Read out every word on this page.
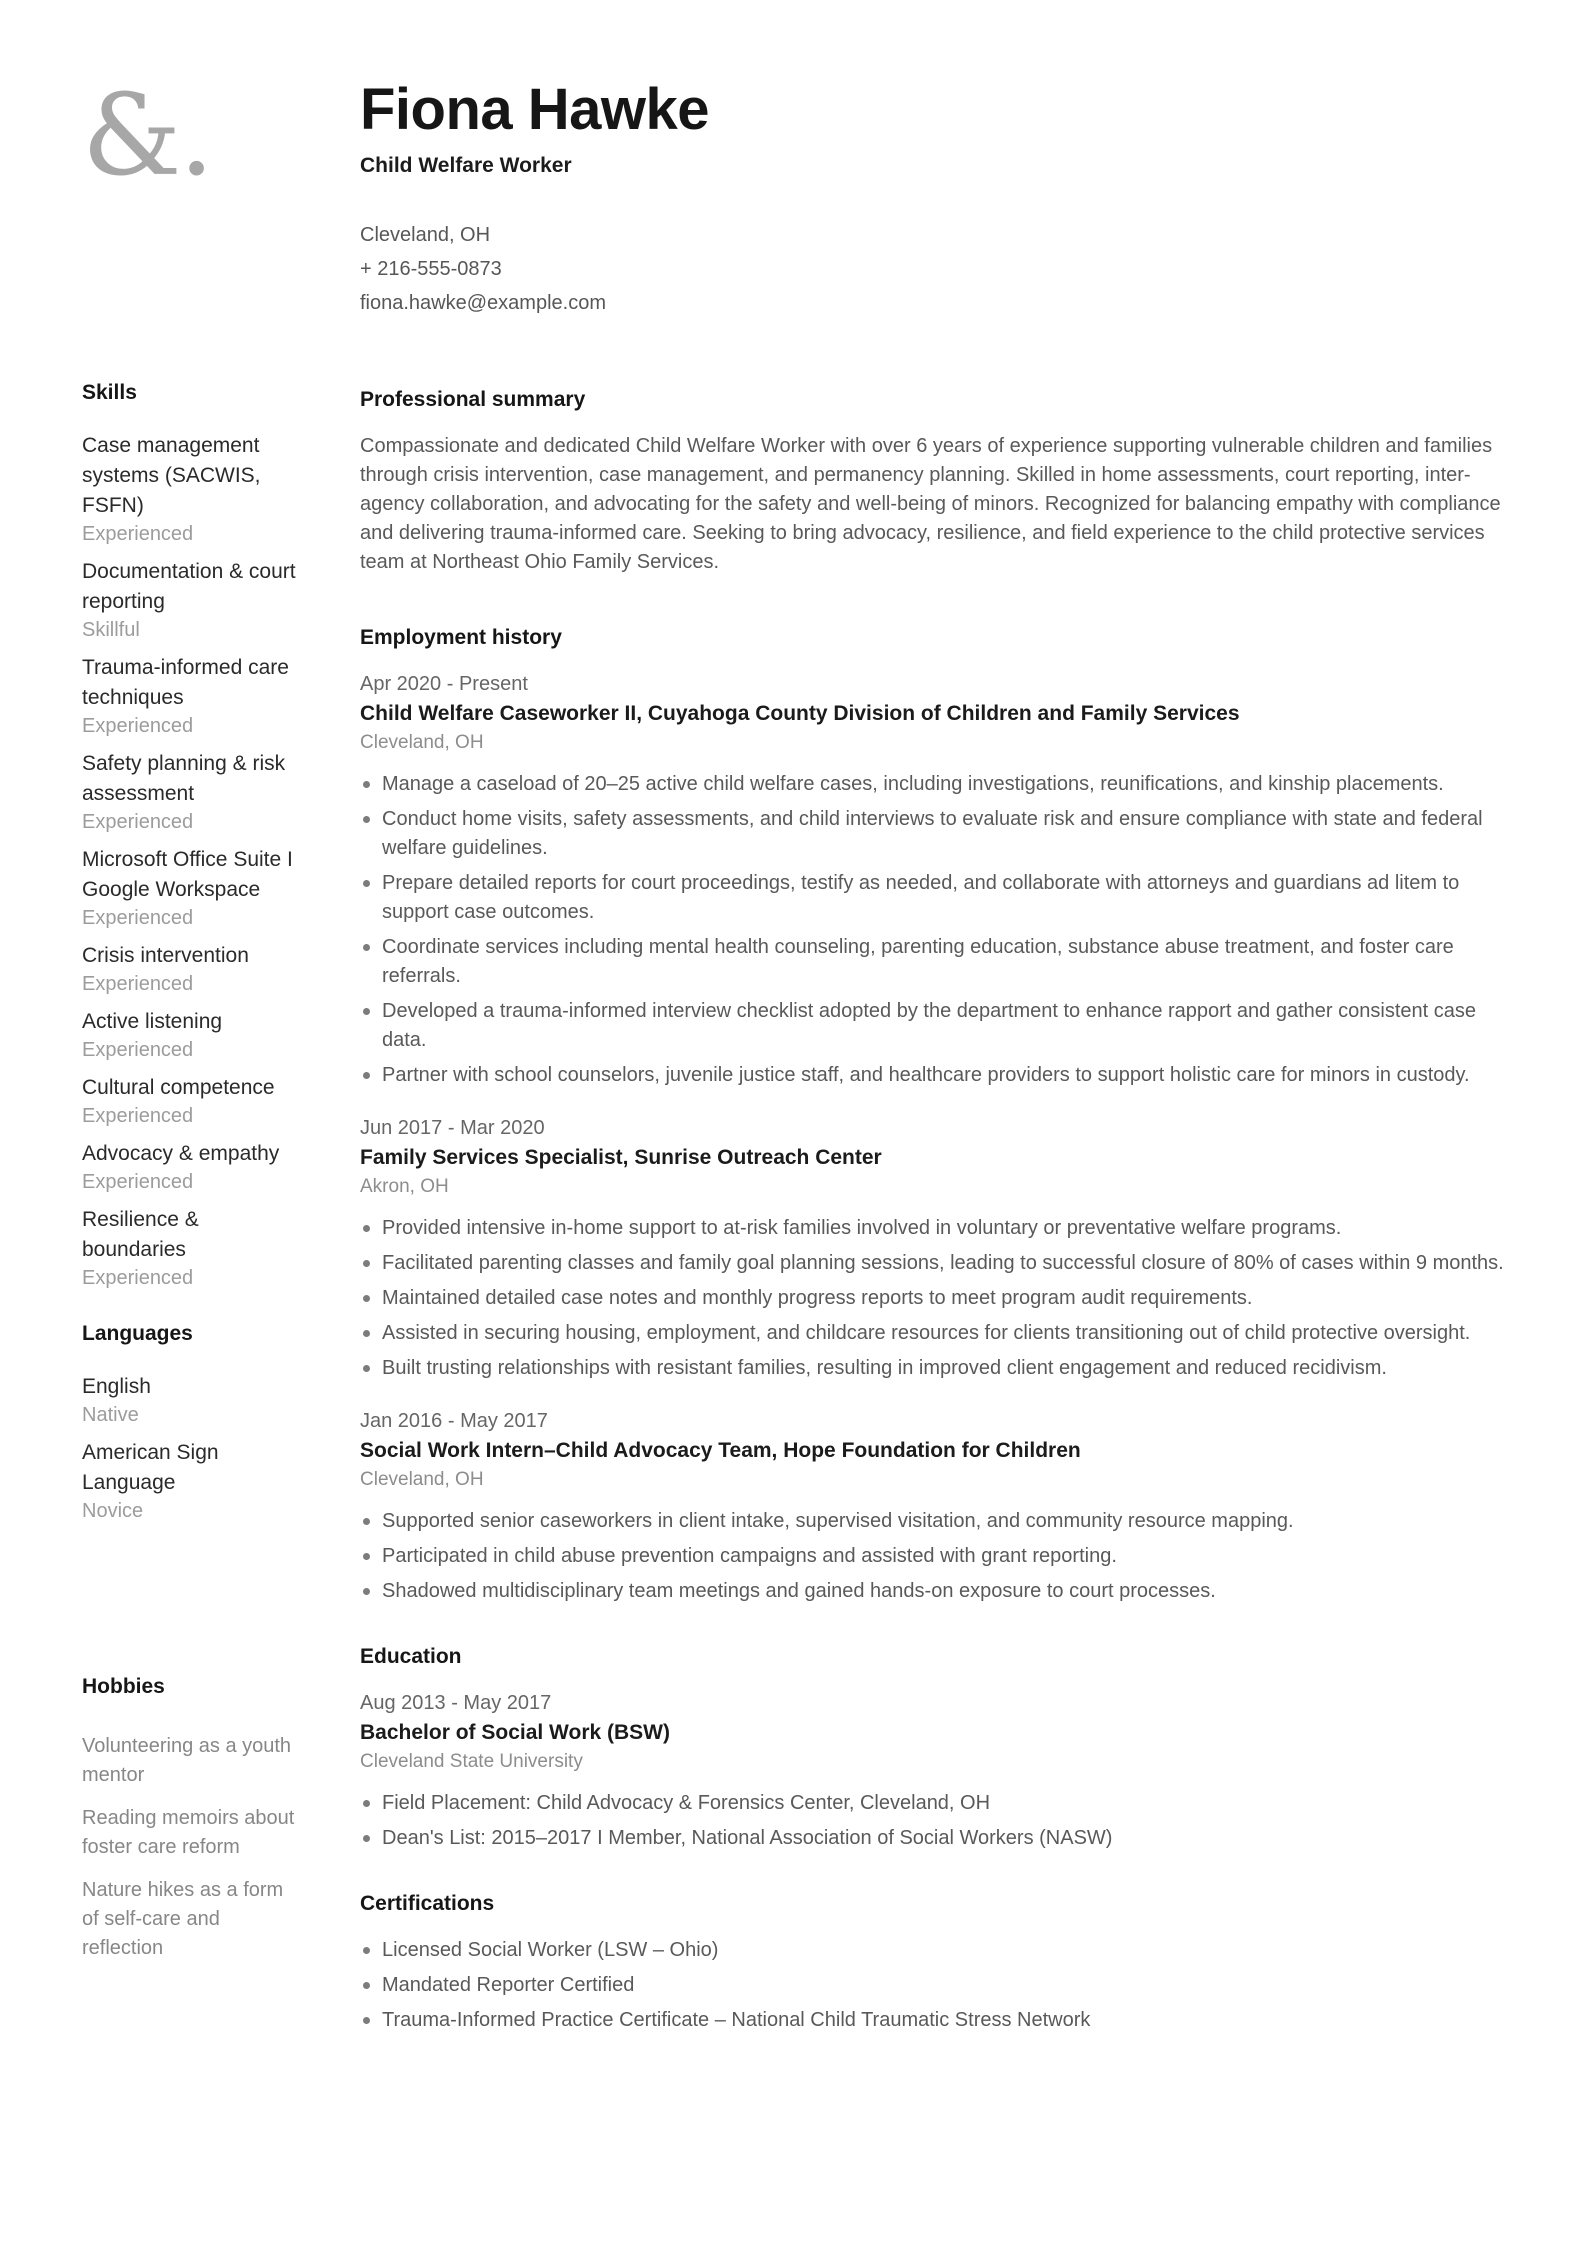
&.	Fiona Hawke
Child Welfare Worker
Cleveland, OH
+ 216-555-0873
fiona.hawke@example.com
Skills
Case management systems (SACWIS, FSFN)
Experienced
Documentation & court reporting
Skillful
Trauma-informed care techniques
Experienced
Safety planning & risk assessment
Experienced
Microsoft Office Suite I Google Workspace
Experienced
Crisis intervention
Experienced
Active listening
Experienced
Cultural competence
Experienced
Advocacy & empathy
Experienced
Resilience & boundaries
Experienced
Languages
English
Native
American Sign Language
Novice
Hobbies
Volunteering as a youth mentor
Reading memoirs about foster care reform
Nature hikes as a form of self-care and reflection
Professional summary

Compassionate and dedicated Child Welfare Worker with over 6 years of experience supporting vulnerable children and families through crisis intervention, case management, and permanency planning. Skilled in home assessments, court reporting, inter-agency collaboration, and advocating for the safety and well-being of minors. Recognized for balancing empathy with compliance and delivering trauma-informed care. Seeking to bring advocacy, resilience, and field experience to the child protective services team at Northeast Ohio Family Services.

Employment history
Apr 2020 - Present
Child Welfare Caseworker II, Cuyahoga County Division of Children and Family Services
Cleveland, OH
Manage a caseload of 20–25 active child welfare cases, including investigations, reunifications, and kinship placements.
Conduct home visits, safety assessments, and child interviews to evaluate risk and ensure compliance with state and federal welfare guidelines.
Prepare detailed reports for court proceedings, testify as needed, and collaborate with attorneys and guardians ad litem to support case outcomes.
Coordinate services including mental health counseling, parenting education, substance abuse treatment, and foster care referrals.
Developed a trauma-informed interview checklist adopted by the department to enhance rapport and gather consistent case data.
Partner with school counselors, juvenile justice staff, and healthcare providers to support holistic care for minors in custody.
Jun 2017 - Mar 2020
Family Services Specialist, Sunrise Outreach Center
Akron, OH
Provided intensive in-home support to at-risk families involved in voluntary or preventative welfare programs.
Facilitated parenting classes and family goal planning sessions, leading to successful closure of 80% of cases within 9 months.
Maintained detailed case notes and monthly progress reports to meet program audit requirements.
Assisted in securing housing, employment, and childcare resources for clients transitioning out of child protective oversight.
Built trusting relationships with resistant families, resulting in improved client engagement and reduced recidivism.
Jan 2016 - May 2017
Social Work Intern–Child Advocacy Team, Hope Foundation for Children
Cleveland, OH
Supported senior caseworkers in client intake, supervised visitation, and community resource mapping.
Participated in child abuse prevention campaigns and assisted with grant reporting.
Shadowed multidisciplinary team meetings and gained hands-on exposure to court processes.
Education
Aug 2013 - May 2017
Bachelor of Social Work (BSW)
Cleveland State University
Field Placement: Child Advocacy & Forensics Center, Cleveland, OH
Dean's List: 2015–2017 I Member, National Association of Social Workers (NASW)
Certifications
Licensed Social Worker (LSW – Ohio)
Mandated Reporter Certified
Trauma-Informed Practice Certificate – National Child Traumatic Stress Network
